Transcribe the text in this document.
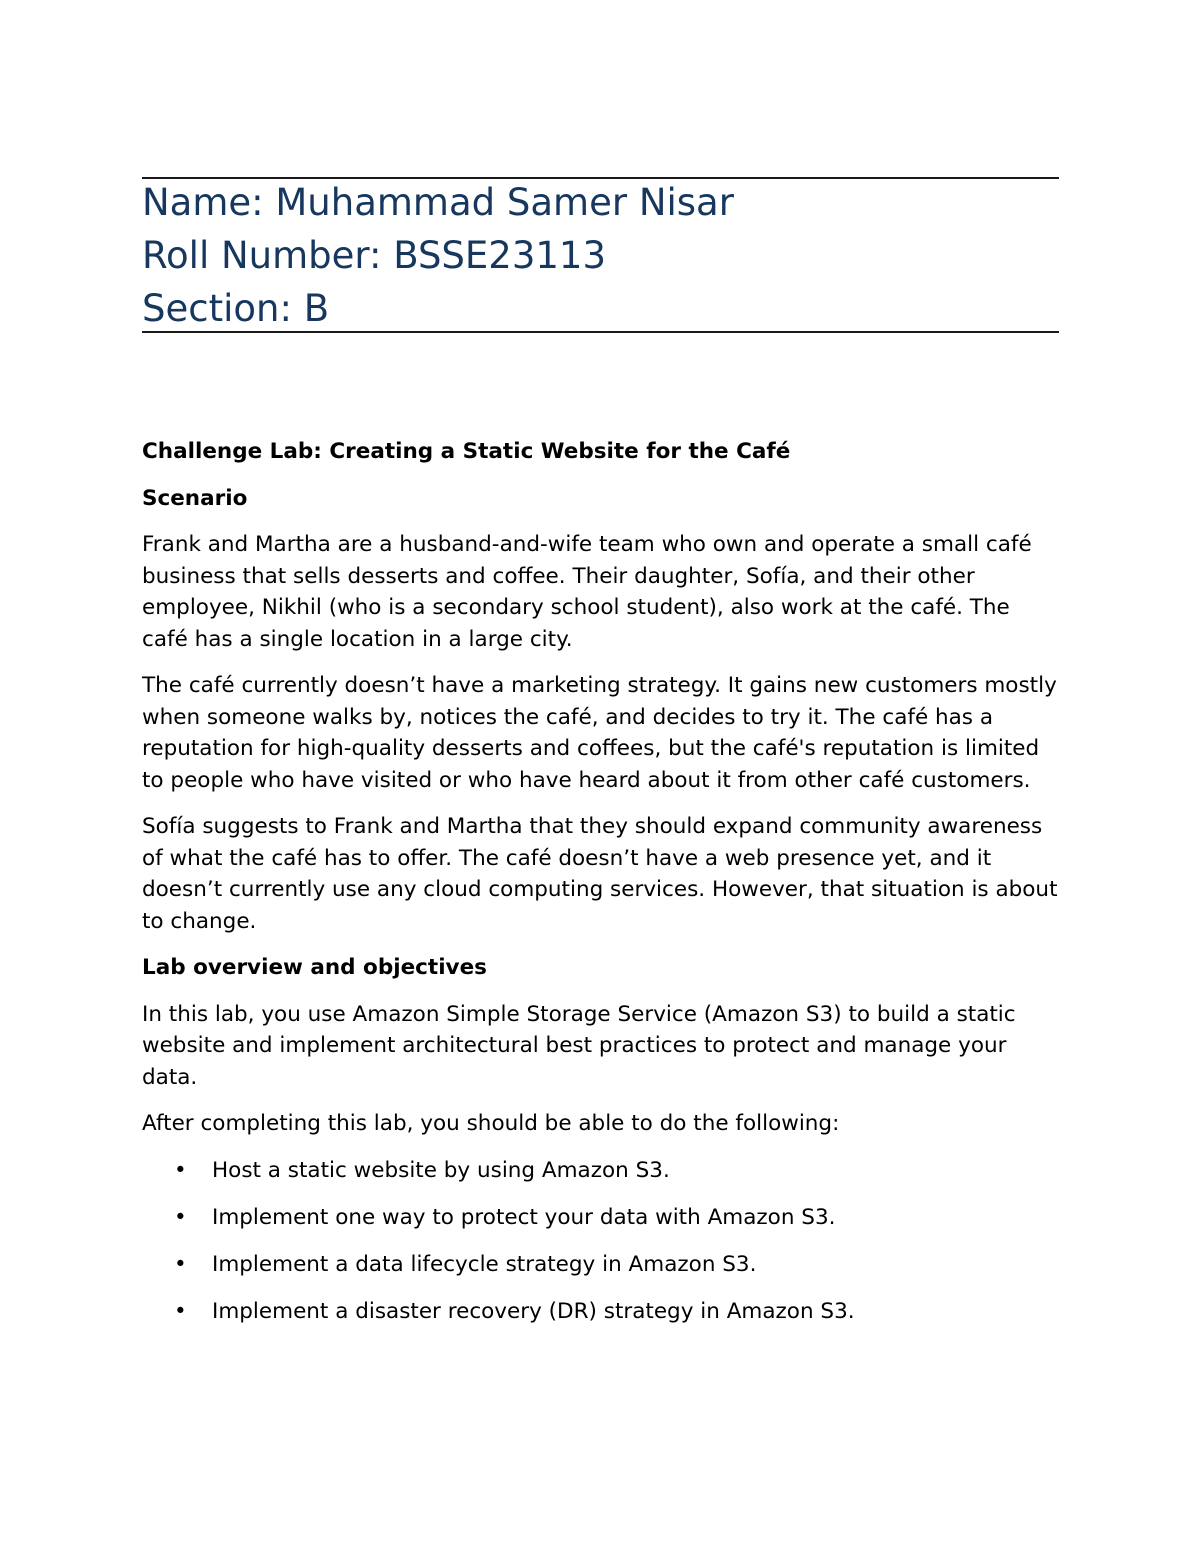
Name: Muhammad Samer Nisar
Roll Number: BSSE23113
Section: B
Challenge Lab: Creating a Static Website for the Café
Scenario

Frank and Martha are a husband-and-wife team who own and operate a small café business that sells desserts and coffee. Their daughter, Sofía, and their other employee, Nikhil (who is a secondary school student), also work at the café. The café has a single location in a large city.

The café currently doesn’t have a marketing strategy. It gains new customers mostly when someone walks by, notices the café, and decides to try it. The café has a reputation for high-quality desserts and coffees, but the café's reputation is limited to people who have visited or who have heard about it from other café customers.

Sofía suggests to Frank and Martha that they should expand community awareness of what the café has to offer. The café doesn’t have a web presence yet, and it doesn’t currently use any cloud computing services. However, that situation is about to change.

Lab overview and objectives

In this lab, you use Amazon Simple Storage Service (Amazon S3) to build a static website and implement architectural best practices to protect and manage your data.

After completing this lab, you should be able to do the following:

• Host a static website by using Amazon S3.
• Implement one way to protect your data with Amazon S3.
• Implement a data lifecycle strategy in Amazon S3.
• Implement a disaster recovery (DR) strategy in Amazon S3.
